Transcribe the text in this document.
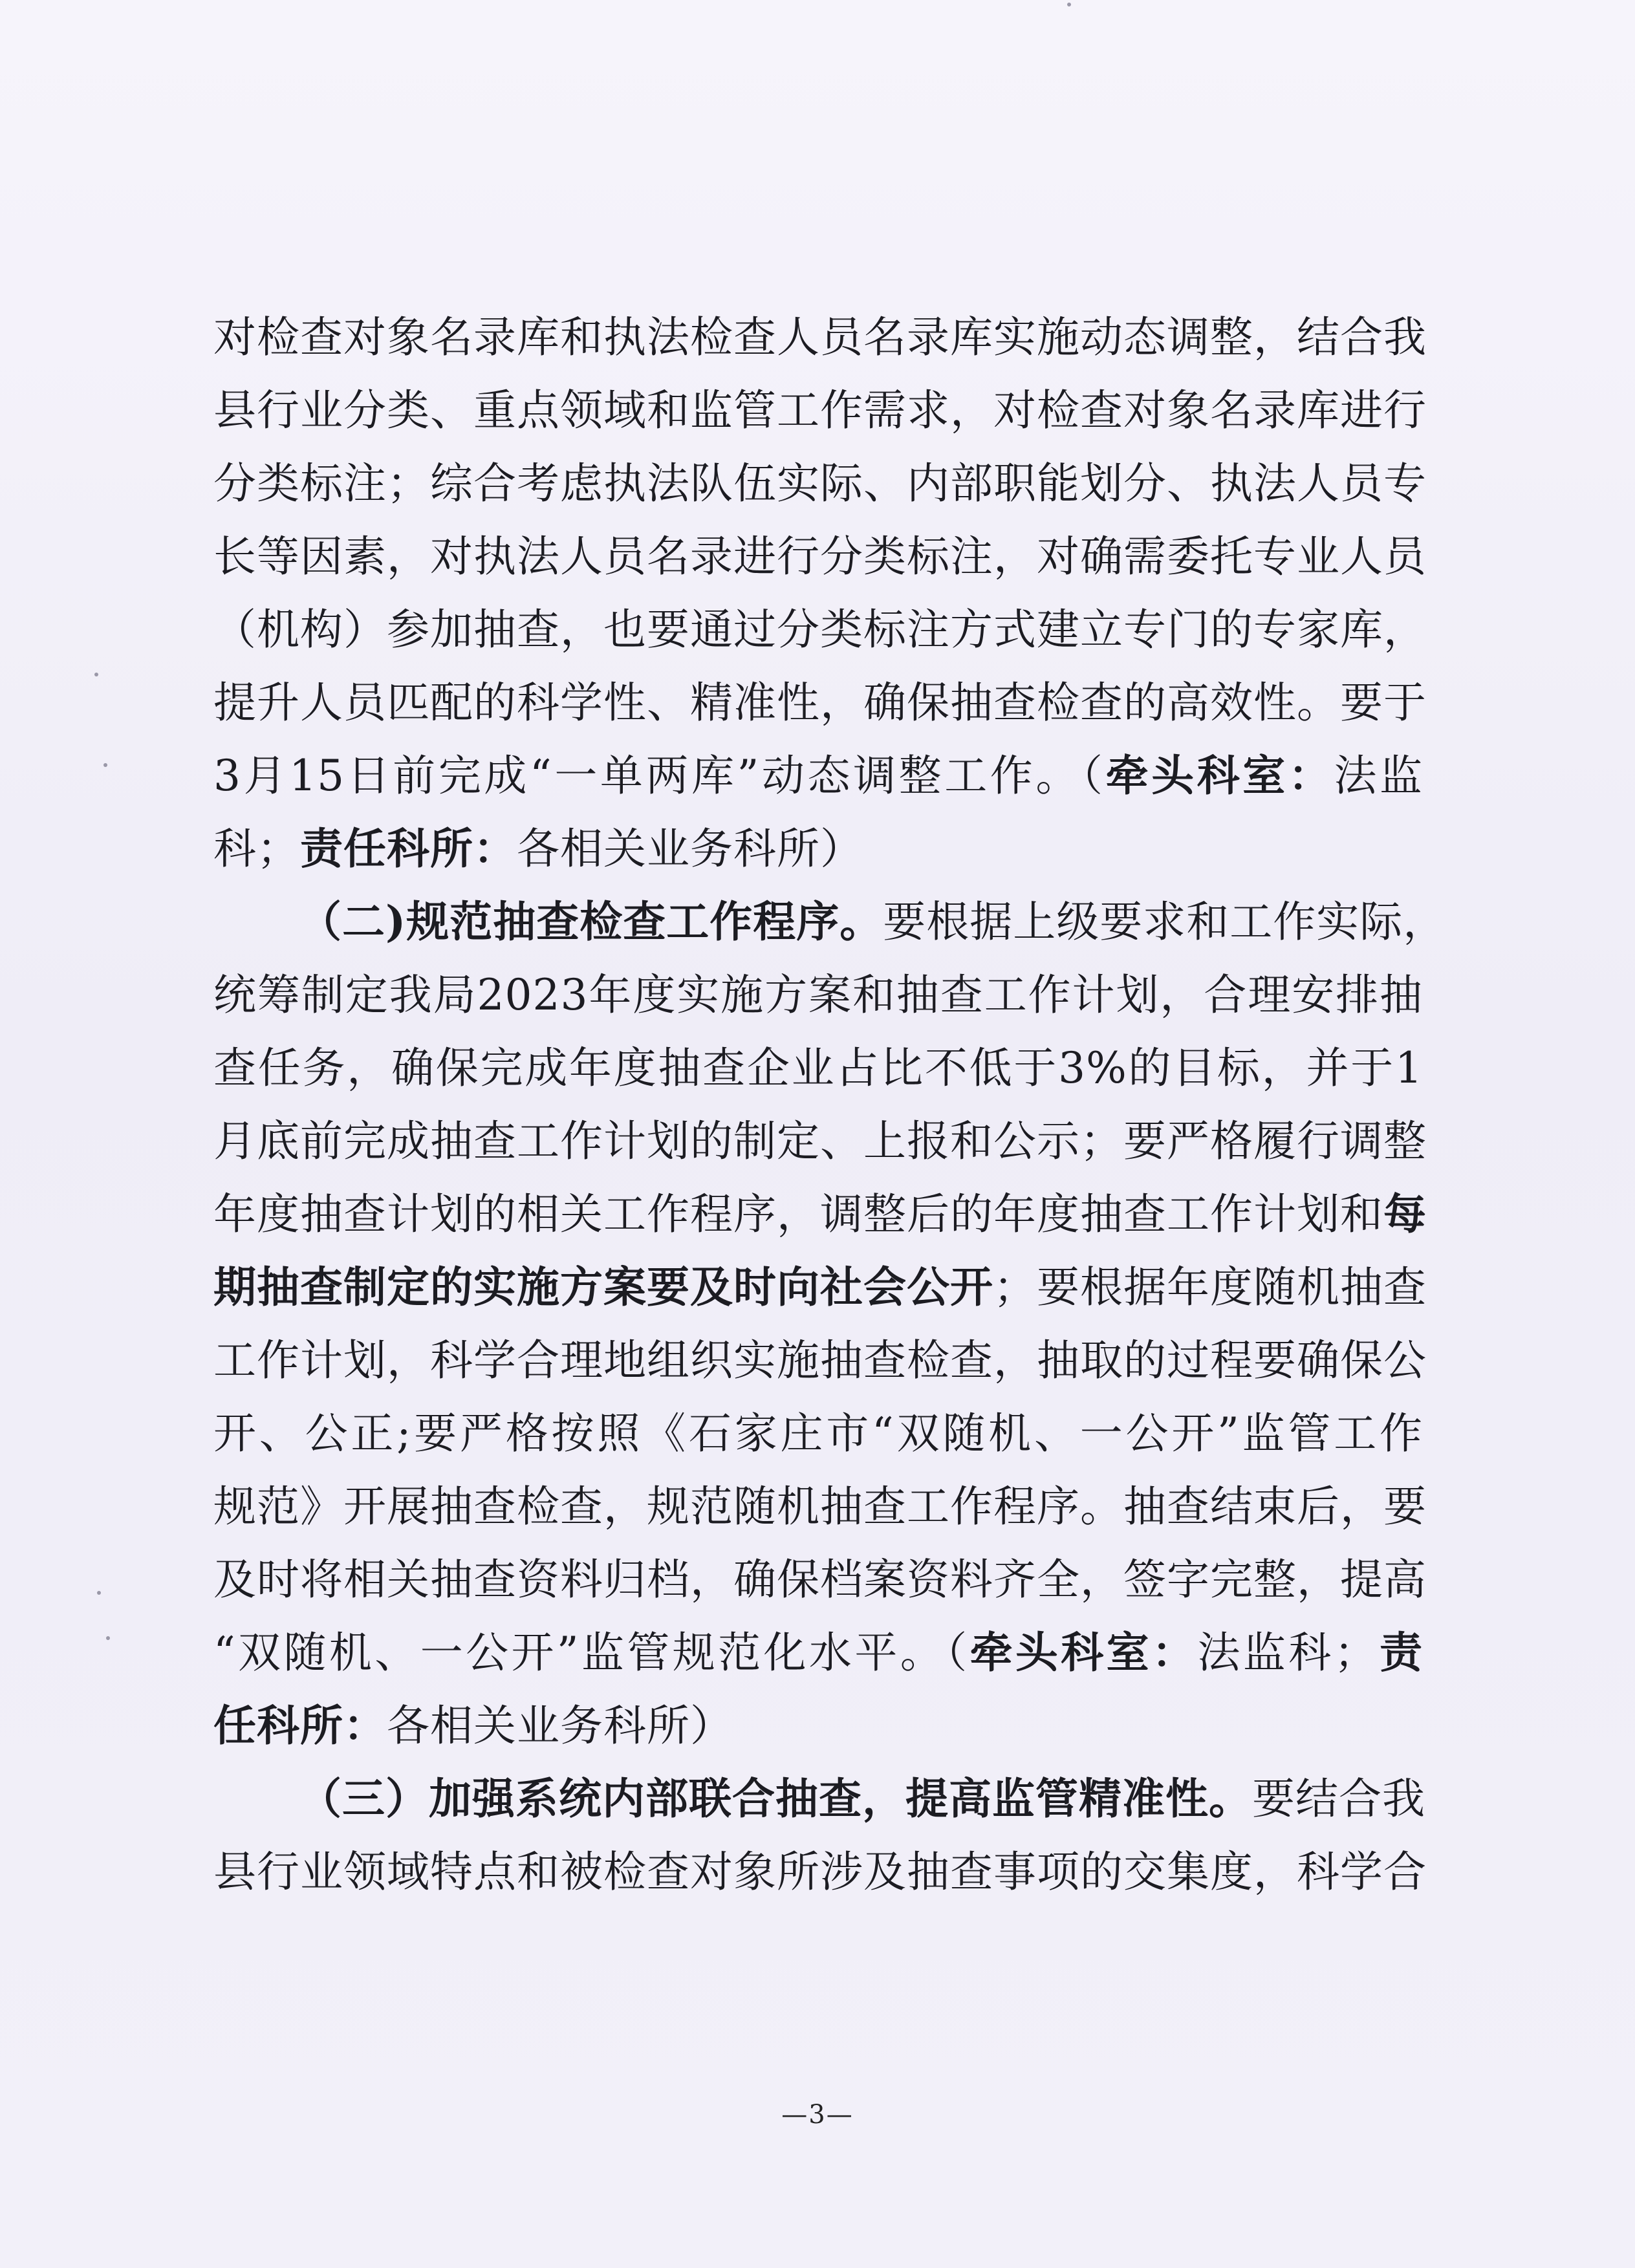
对检查对象名录库和执法检查人员名录库实施动态调整，结合我
县行业分类、重点领域和监管工作需求，对检查对象名录库进行
分类标注；综合考虑执法队伍实际、内部职能划分、执法人员专
长等因素，对执法人员名录进行分类标注，对确需委托专业人员
（机构）参加抽查，也要通过分类标注方式建立专门的专家库，
提升人员匹配的科学性、精准性，确保抽查检查的高效性。要于
3月15日前完成“一单两库”动态调整工作。（牵头科室：法监
科；责任科所：各相关业务科所）
（二)规范抽查检查工作程序。要根据上级要求和工作实际，
统筹制定我局2023年度实施方案和抽查工作计划，合理安排抽
查任务，确保完成年度抽查企业占比不低于3%的目标，并于1
月底前完成抽查工作计划的制定、上报和公示；要严格履行调整
年度抽查计划的相关工作程序，调整后的年度抽查工作计划和每
期抽查制定的实施方案要及时向社会公开；要根据年度随机抽查
工作计划，科学合理地组织实施抽查检查，抽取的过程要确保公
开、公正;要严格按照《石家庄市“双随机、一公开”监管工作
规范》开展抽查检查，规范随机抽查工作程序。抽查结束后，要
及时将相关抽查资料归档，确保档案资料齐全，签字完整，提高
“双随机、一公开”监管规范化水平。（牵头科室：法监科；责
任科所：各相关业务科所）
（三）加强系统内部联合抽查，提高监管精准性。要结合我
县行业领域特点和被检查对象所涉及抽查事项的交集度，科学合
—3—
